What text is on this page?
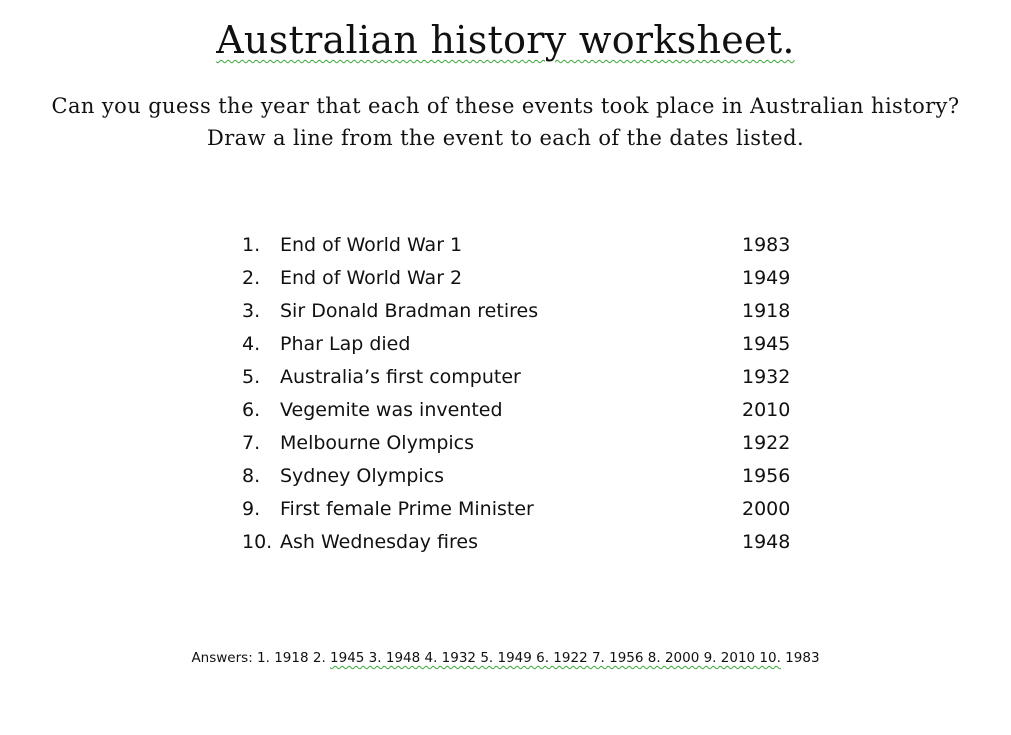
Australian history worksheet.
Can you guess the year that each of these events took place in Australian history?
Draw a line from the event to each of the dates listed.
1. End of World War 1	1983
2. End of World War 2	1949
3. Sir Donald Bradman retires	1918
4. Phar Lap died	1945
5. Australia’s first computer	1932
6. Vegemite was invented	2010
7. Melbourne Olympics	1922
8. Sydney Olympics	1956
9. First female Prime Minister	2000
10. Ash Wednesday fires	1948
Answers: 1. 1918 2. 1945 3. 1948 4. 1932 5. 1949 6. 1922 7. 1956 8. 2000 9. 2010 10. 1983
